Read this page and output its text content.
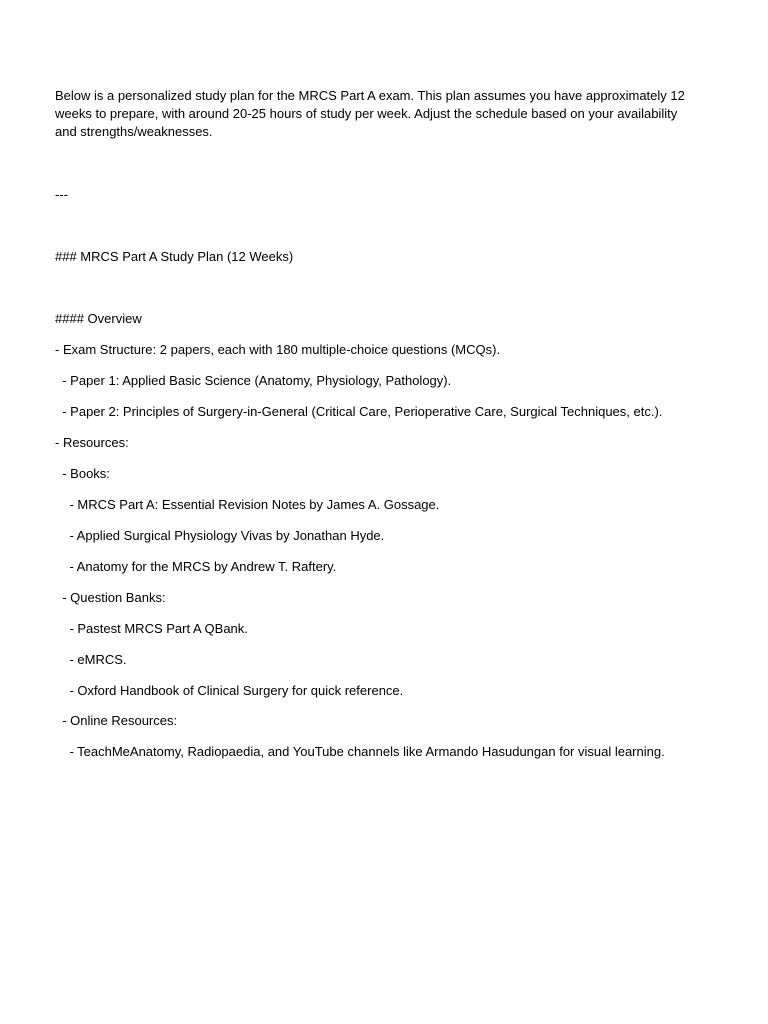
Below is a personalized study plan for the MRCS Part A exam. This plan assumes you have approximately 12 weeks to prepare, with around 20-25 hours of study per week. Adjust the schedule based on your availability and strengths/weaknesses.

---

### MRCS Part A Study Plan (12 Weeks)

#### Overview

- Exam Structure: 2 papers, each with 180 multiple-choice questions (MCQs).

- Paper 1: Applied Basic Science (Anatomy, Physiology, Pathology).

- Paper 2: Principles of Surgery-in-General (Critical Care, Perioperative Care, Surgical Techniques, etc.).

- Resources:

- Books:

- MRCS Part A: Essential Revision Notes by James A. Gossage.

- Applied Surgical Physiology Vivas by Jonathan Hyde.

- Anatomy for the MRCS by Andrew T. Raftery.

- Question Banks:

- Pastest MRCS Part A QBank.

- eMRCS.

- Oxford Handbook of Clinical Surgery for quick reference.

- Online Resources:

- TeachMeAnatomy, Radiopaedia, and YouTube channels like Armando Hasudungan for visual learning.
